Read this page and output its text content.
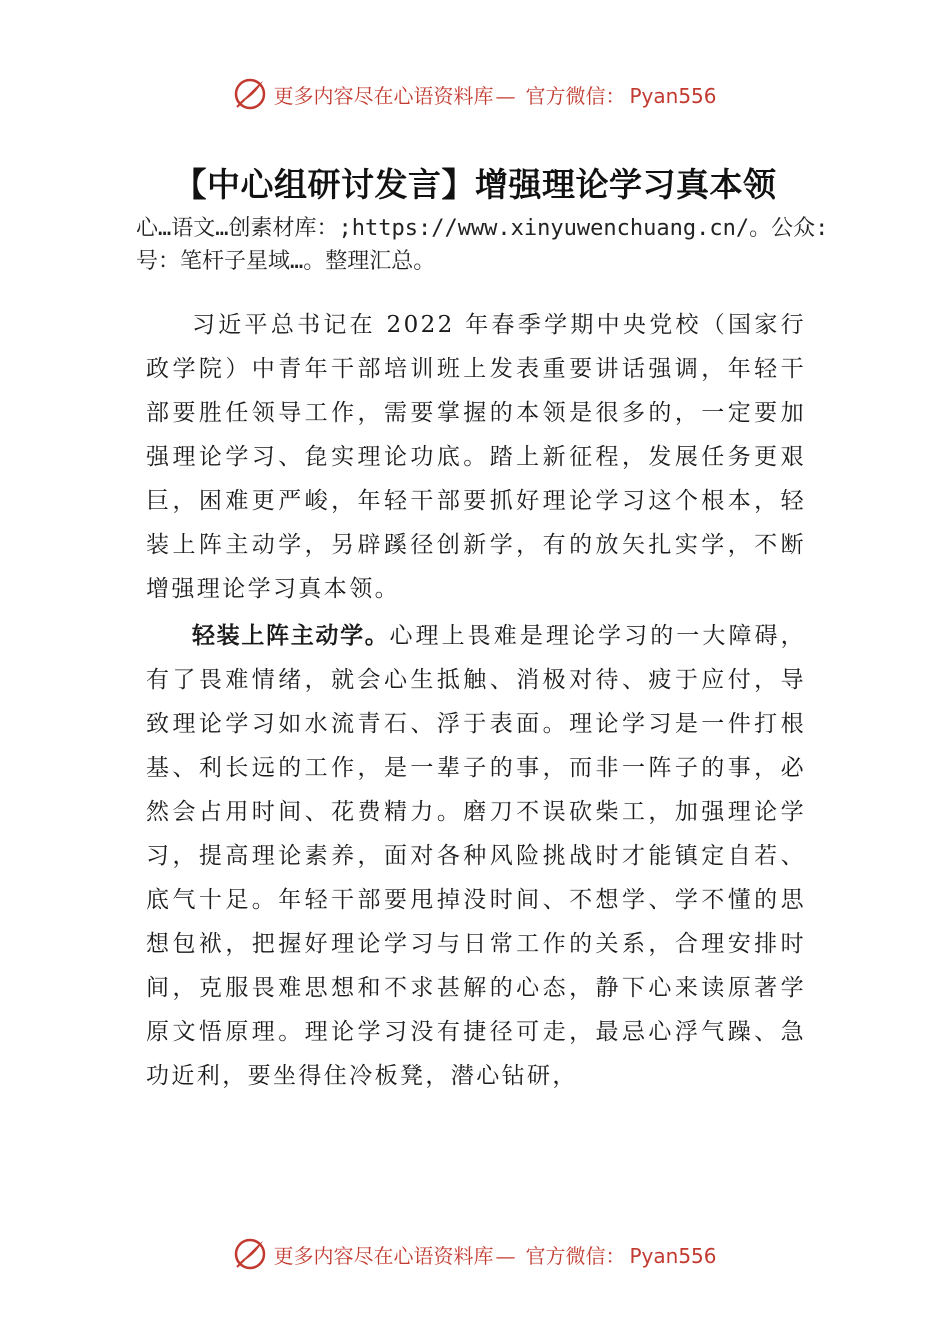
更多内容尽在心语资料库 — 官方微信： Pyan556
【中心组研讨发言】增强理论学习真本领

心…语文…创素材库：;https://www.xinyuwenchuang.cn/。公众:号：笔杆子星域…。整理汇总。

习近平总书记在 2022 年春季学期中央党校（国家行政学院）中青年干部培训班上发表重要讲话强调，年轻干部要胜任领导工作，需要掌握的本领是很多的，一定要加强理论学习、㲋实理论功底。踏上新征程，发展任务更艰巨，困难更严峻，年轻干部要抓好理论学习这个根本，轻装上阵主动学，另辟蹊径创新学，有的放矢扎实学，不断增强理论学习真本领。

轻装上阵主动学。心理上畏难是理论学习的一大障碍，有了畏难情绪，就会心生抵触、消极对待、疲于应付，导致理论学习如水流青石、浮于表面。理论学习是一件打根基、利长远的工作，是一辈子的事，而非一阵子的事，必然会占用时间、花费精力。磨刀不误砍柴工，加强理论学习，提高理论素养，面对各种风险挑战时才能镇定自若、底气十足。年轻干部要甩掉没时间、不想学、学不懂的思想包袱，把握好理论学习与日常工作的关系，合理安排时间，克服畏难思想和不求甚解的心态，静下心来读原著学原文悟原理。理论学习没有捷径可走，最忌心浮气躁、急功近利，要坐得住冷板凳，潜心钻研，

更多内容尽在心语资料库 — 官方微信： Pyan556
